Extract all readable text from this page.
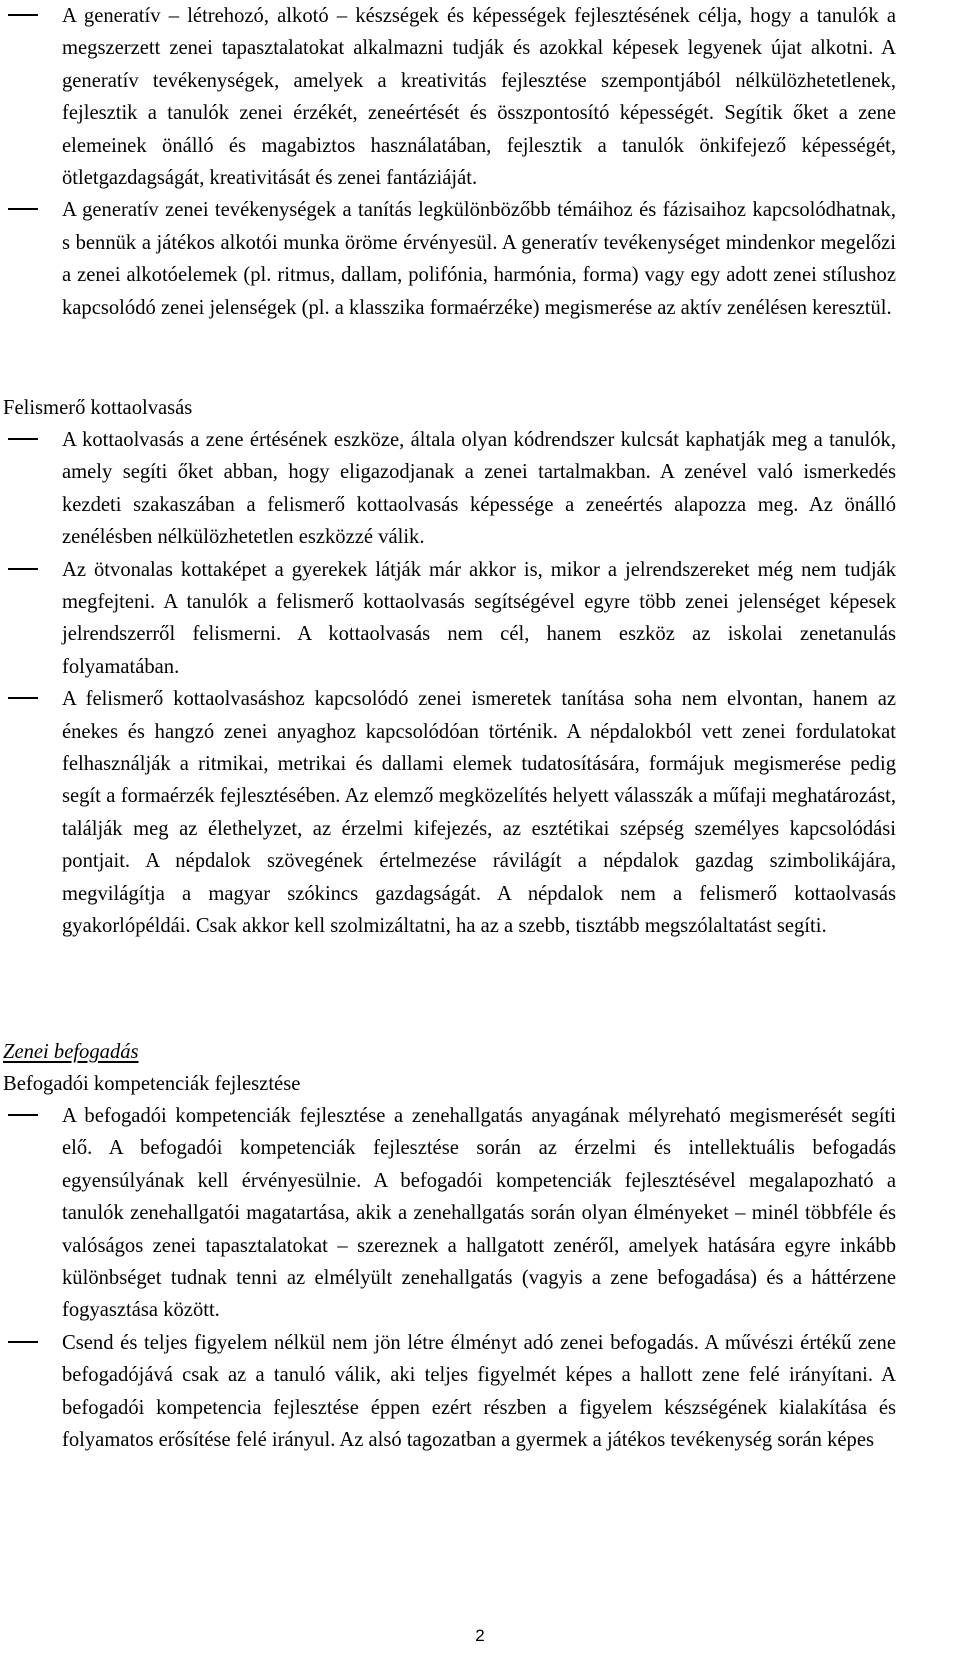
A generatív – létrehozó, alkotó – készségek és képességek fejlesztésének célja, hogy a tanulók a megszerzett zenei tapasztalatokat alkalmazni tudják és azokkal képesek legyenek újat alkotni. A generatív tevékenységek, amelyek a kreativitás fejlesztése szempontjából nélkülözhetetlenek, fejlesztik a tanulók zenei érzékét, zeneértését és összpontosító képességét. Segítik őket a zene elemeinek önálló és magabiztos használatában, fejlesztik a tanulók önkifejező képességét, ötletgazdagságát, kreativitását és zenei fantáziáját.

A generatív zenei tevékenységek a tanítás legkülönbözőbb témáihoz és fázisaihoz kapcsolódhatnak, s bennük a játékos alkotói munka öröme érvényesül. A generatív tevékenységet mindenkor megelőzi a zenei alkotóelemek (pl. ritmus, dallam, polifónia, harmónia, forma) vagy egy adott zenei stílushoz kapcsolódó zenei jelenségek (pl. a klasszika formaérzéke) megismerése az aktív zenélésen keresztül.

Felismerő kottaolvasás

A kottaolvasás a zene értésének eszköze, általa olyan kódrendszer kulcsát kaphatják meg a tanulók, amely segíti őket abban, hogy eligazodjanak a zenei tartalmakban. A zenével való ismerkedés kezdeti szakaszában a felismerő kottaolvasás képessége a zeneértés alapozza meg. Az önálló zenélésben nélkülözhetetlen eszközzé válik.

Az ötvonalas kottaképet a gyerekek látják már akkor is, mikor a jelrendszereket még nem tudják megfejteni. A tanulók a felismerő kottaolvasás segítségével egyre több zenei jelenséget képesek jelrendszerről felismerni. A kottaolvasás nem cél, hanem eszköz az iskolai zenetanulás folyamatában.

A felismerő kottaolvasáshoz kapcsolódó zenei ismeretek tanítása soha nem elvontan, hanem az énekes és hangzó zenei anyaghoz kapcsolódóan történik. A népdalokból vett zenei fordulatokat felhasználják a ritmikai, metrikai és dallami elemek tudatosítására, formájuk megismerése pedig segít a formaérzék fejlesztésében. Az elemző megközelítés helyett válasszák a műfaji meghatározást, találják meg az élethelyzet, az érzelmi kifejezés, az esztétikai szépség személyes kapcsolódási pontjait. A népdalok szövegének értelmezése rávilágít a népdalok gazdag szimbolikájára, megvilágítja a magyar szókincs gazdagságát. A népdalok nem a felismerő kottaolvasás gyakorlópéldái. Csak akkor kell szolmizáltatni, ha az a szebb, tisztább megszólaltatást segíti.

Zenei befogadás
Befogadói kompetenciák fejlesztése

A befogadói kompetenciák fejlesztése a zenehallgatás anyagának mélyreható megismerését segíti elő. A befogadói kompetenciák fejlesztése során az érzelmi és intellektuális befogadás egyensúlyának kell érvényesülnie. A befogadói kompetenciák fejlesztésével megalapozható a tanulók zenehallgatói magatartása, akik a zenehallgatás során olyan élményeket – minél többféle és valóságos zenei tapasztalatokat – szereznek a hallgatott zenéről, amelyek hatására egyre inkább különbséget tudnak tenni az elmélyült zenehallgatás (vagyis a zene befogadása) és a háttérzene fogyasztása között.

Csend és teljes figyelem nélkül nem jön létre élményt adó zenei befogadás. A művészi értékű zene befogadójává csak az a tanuló válik, aki teljes figyelmét képes a hallott zene felé irányítani. A befogadói kompetencia fejlesztése éppen ezért részben a figyelem készségének kialakítása és folyamatos erősítése felé irányul. Az alsó tagozatban a gyermek a játékos tevékenység során képes

2
